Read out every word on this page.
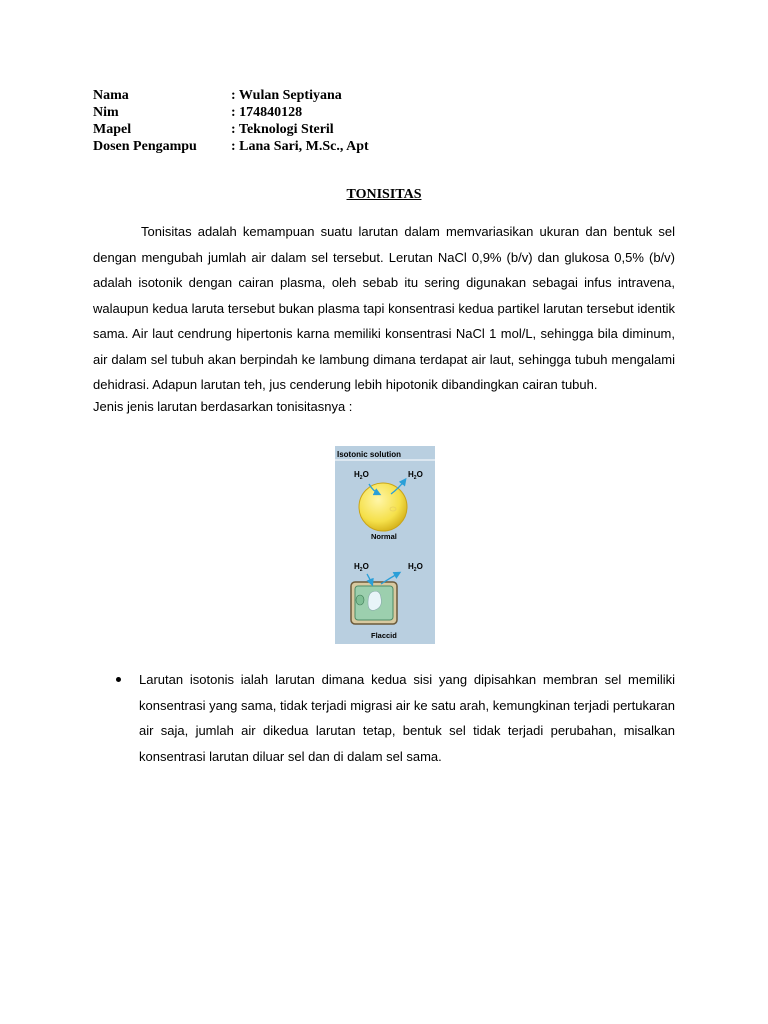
Nama	: Wulan Septiyana
Nim	: 174840128
Mapel	: Teknologi Steril
Dosen Pengampu	: Lana Sari, M.Sc., Apt
TONISITAS

Tonisitas adalah kemampuan suatu larutan dalam memvariasikan ukuran dan bentuk sel dengan mengubah jumlah air dalam sel tersebut. Lerutan NaCl 0,9% (b/v) dan glukosa 0,5% (b/v) adalah isotonik dengan cairan plasma, oleh sebab itu sering digunakan sebagai infus intravena, walaupun kedua laruta tersebut bukan plasma tapi konsentrasi kedua partikel larutan tersebut identik sama. Air laut cendrung hipertonis karna memiliki konsentrasi NaCl 1 mol/L, sehingga bila diminum, air dalam sel tubuh akan berpindah ke lambung dimana terdapat air laut, sehingga tubuh mengalami dehidrasi. Adapun larutan teh, jus cenderung lebih hipotonik dibandingkan cairan tubuh.

Jenis jenis larutan berdasarkan tonisitasnya :
Isotonic solution
$H_2O$	$H_2O$
Normal
$H_2O$	$H_2O$
Flaccid

Larutan isotonis ialah larutan dimana kedua sisi yang dipisahkan membran sel memiliki konsentrasi yang sama, tidak terjadi migrasi air ke satu arah, kemungkinan terjadi pertukaran air saja, jumlah air dikedua larutan tetap, bentuk sel tidak terjadi perubahan, misalkan konsentrasi larutan diluar sel dan di dalam sel sama.
